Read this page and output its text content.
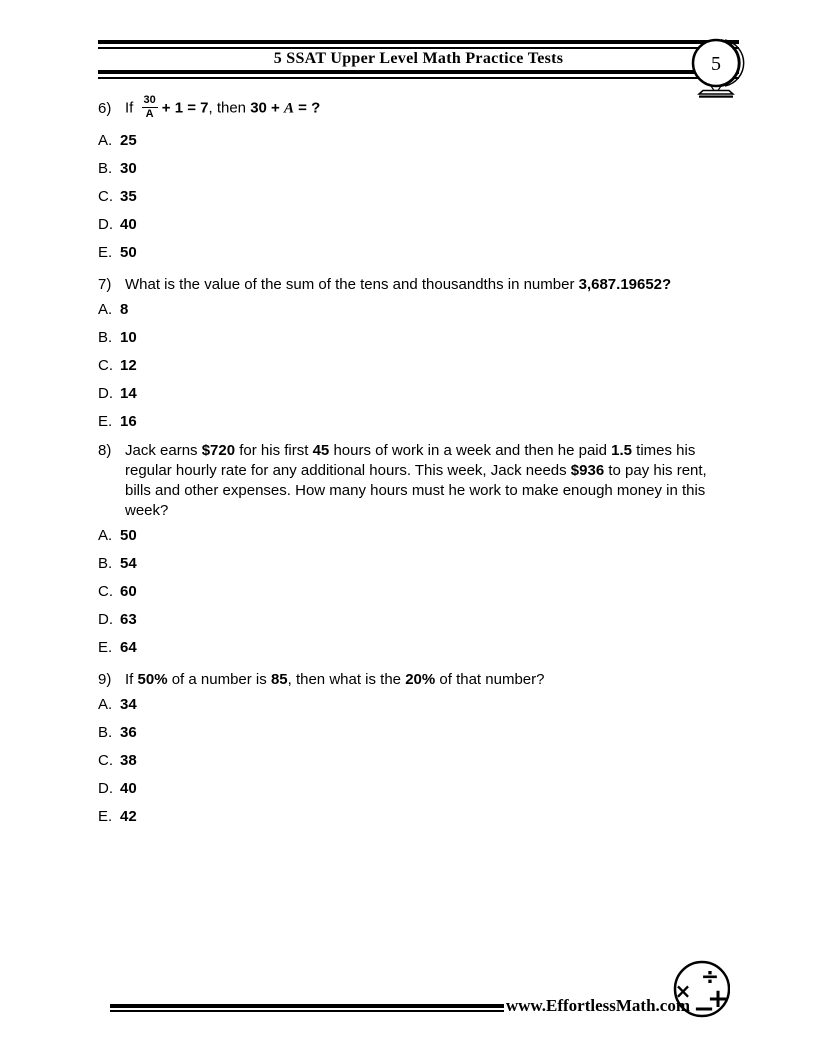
5 SSAT Upper Level Math Practice Tests	5
6) If $\frac{30}{A} + 1 = 7$, then 30 + A = ?
A. 25
B. 30
C. 35
D. 40
E. 50
7) What is the value of the sum of the tens and thousandths in number 3,687.19652?
A. 8
B. 10
C. 12
D. 14
E. 16
8) Jack earns $720 for his first 45 hours of work in a week and then he paid 1.5 times his regular hourly rate for any additional hours. This week, Jack needs $936 to pay his rent, bills and other expenses. How many hours must he work to make enough money in this week?
A. 50
B. 54
C. 60
D. 63
E. 64
9) If 50% of a number is 85, then what is the 20% of that number?
A. 34
B. 36
C. 38
D. 40
E. 42
www.EffortlessMath.com
÷
× +
−
